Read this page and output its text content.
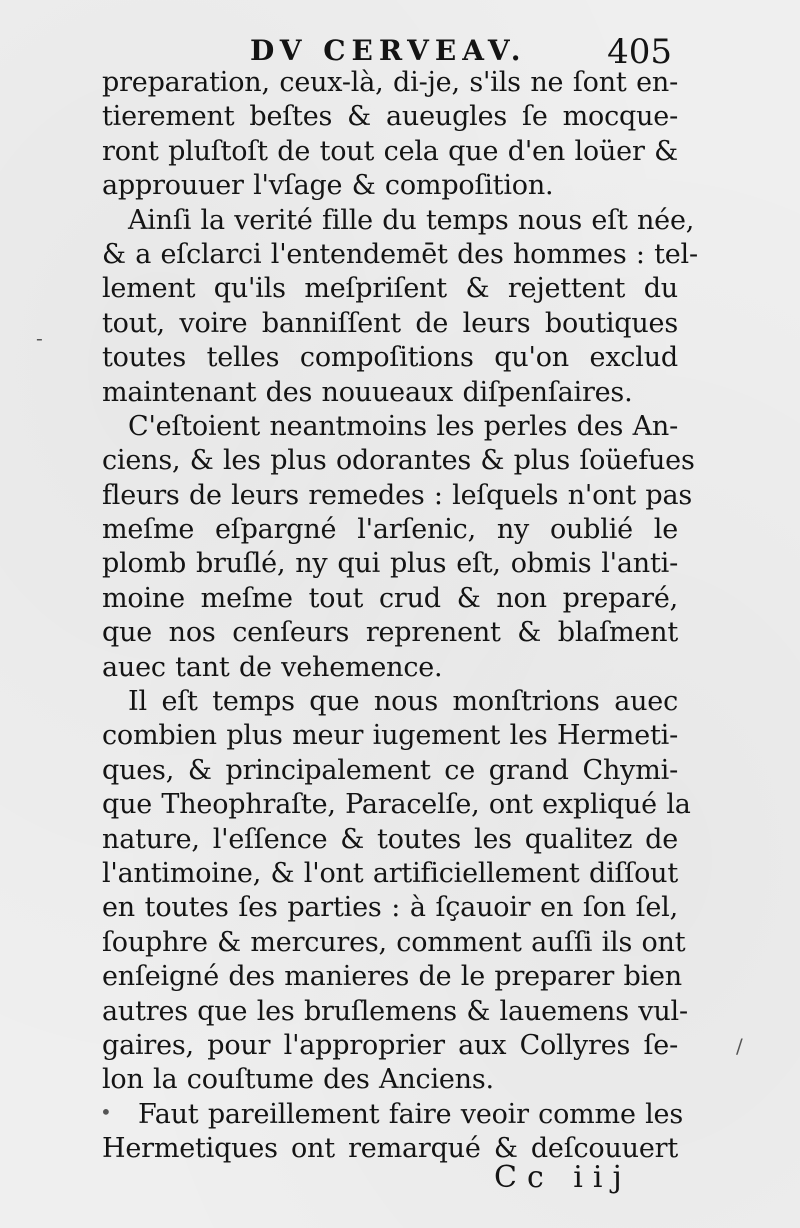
DV CERVEAV. 405
preparation, ceux-là, di-je, s'ils ne ſont en-
tierement beſtes & aueugles ſe mocque-
ront pluſtoſt de tout cela que d'en loüer &
approuuer l'vſage & compoſition.
Ainſi la verité fille du temps nous eſt née,
& a eſclarci l'entendemēt des hommes : tel-
lement qu'ils meſpriſent & rejettent du
tout, voire banniſſent de leurs boutiques
toutes telles compoſitions qu'on exclud
maintenant des nouueaux diſpenſaires.
C'eſtoient neantmoins les perles des An-
ciens, & les plus odorantes & plus ſoüefues
fleurs de leurs remedes : leſquels n'ont pas
meſme eſpargné l'arſenic, ny oublié le
plomb bruſlé, ny qui plus eſt, obmis l'anti-
moine meſme tout crud & non preparé,
que nos cenſeurs reprenent & blaſment
auec tant de vehemence.
Il eſt temps que nous monſtrions auec
combien plus meur iugement les Hermeti-
ques, & principalement ce grand Chymi-
que Theophraſte, Paracelſe, ont expliqué la
nature, l'eſſence & toutes les qualitez de
l'antimoine, & l'ont artificiellement diſſout
en toutes ſes parties : à ſçauoir en ſon ſel,
ſouphre & mercures, comment auſſi ils ont
enſeigné des manieres de le preparer bien
autres que les bruſlemens & lauemens vul-
gaires, pour l'approprier aux Collyres ſe-
lon la couſtume des Anciens.
Faut pareillement faire veoir comme les
Hermetiques ont remarqué & deſcouuert
Cc iij
•
-
/
